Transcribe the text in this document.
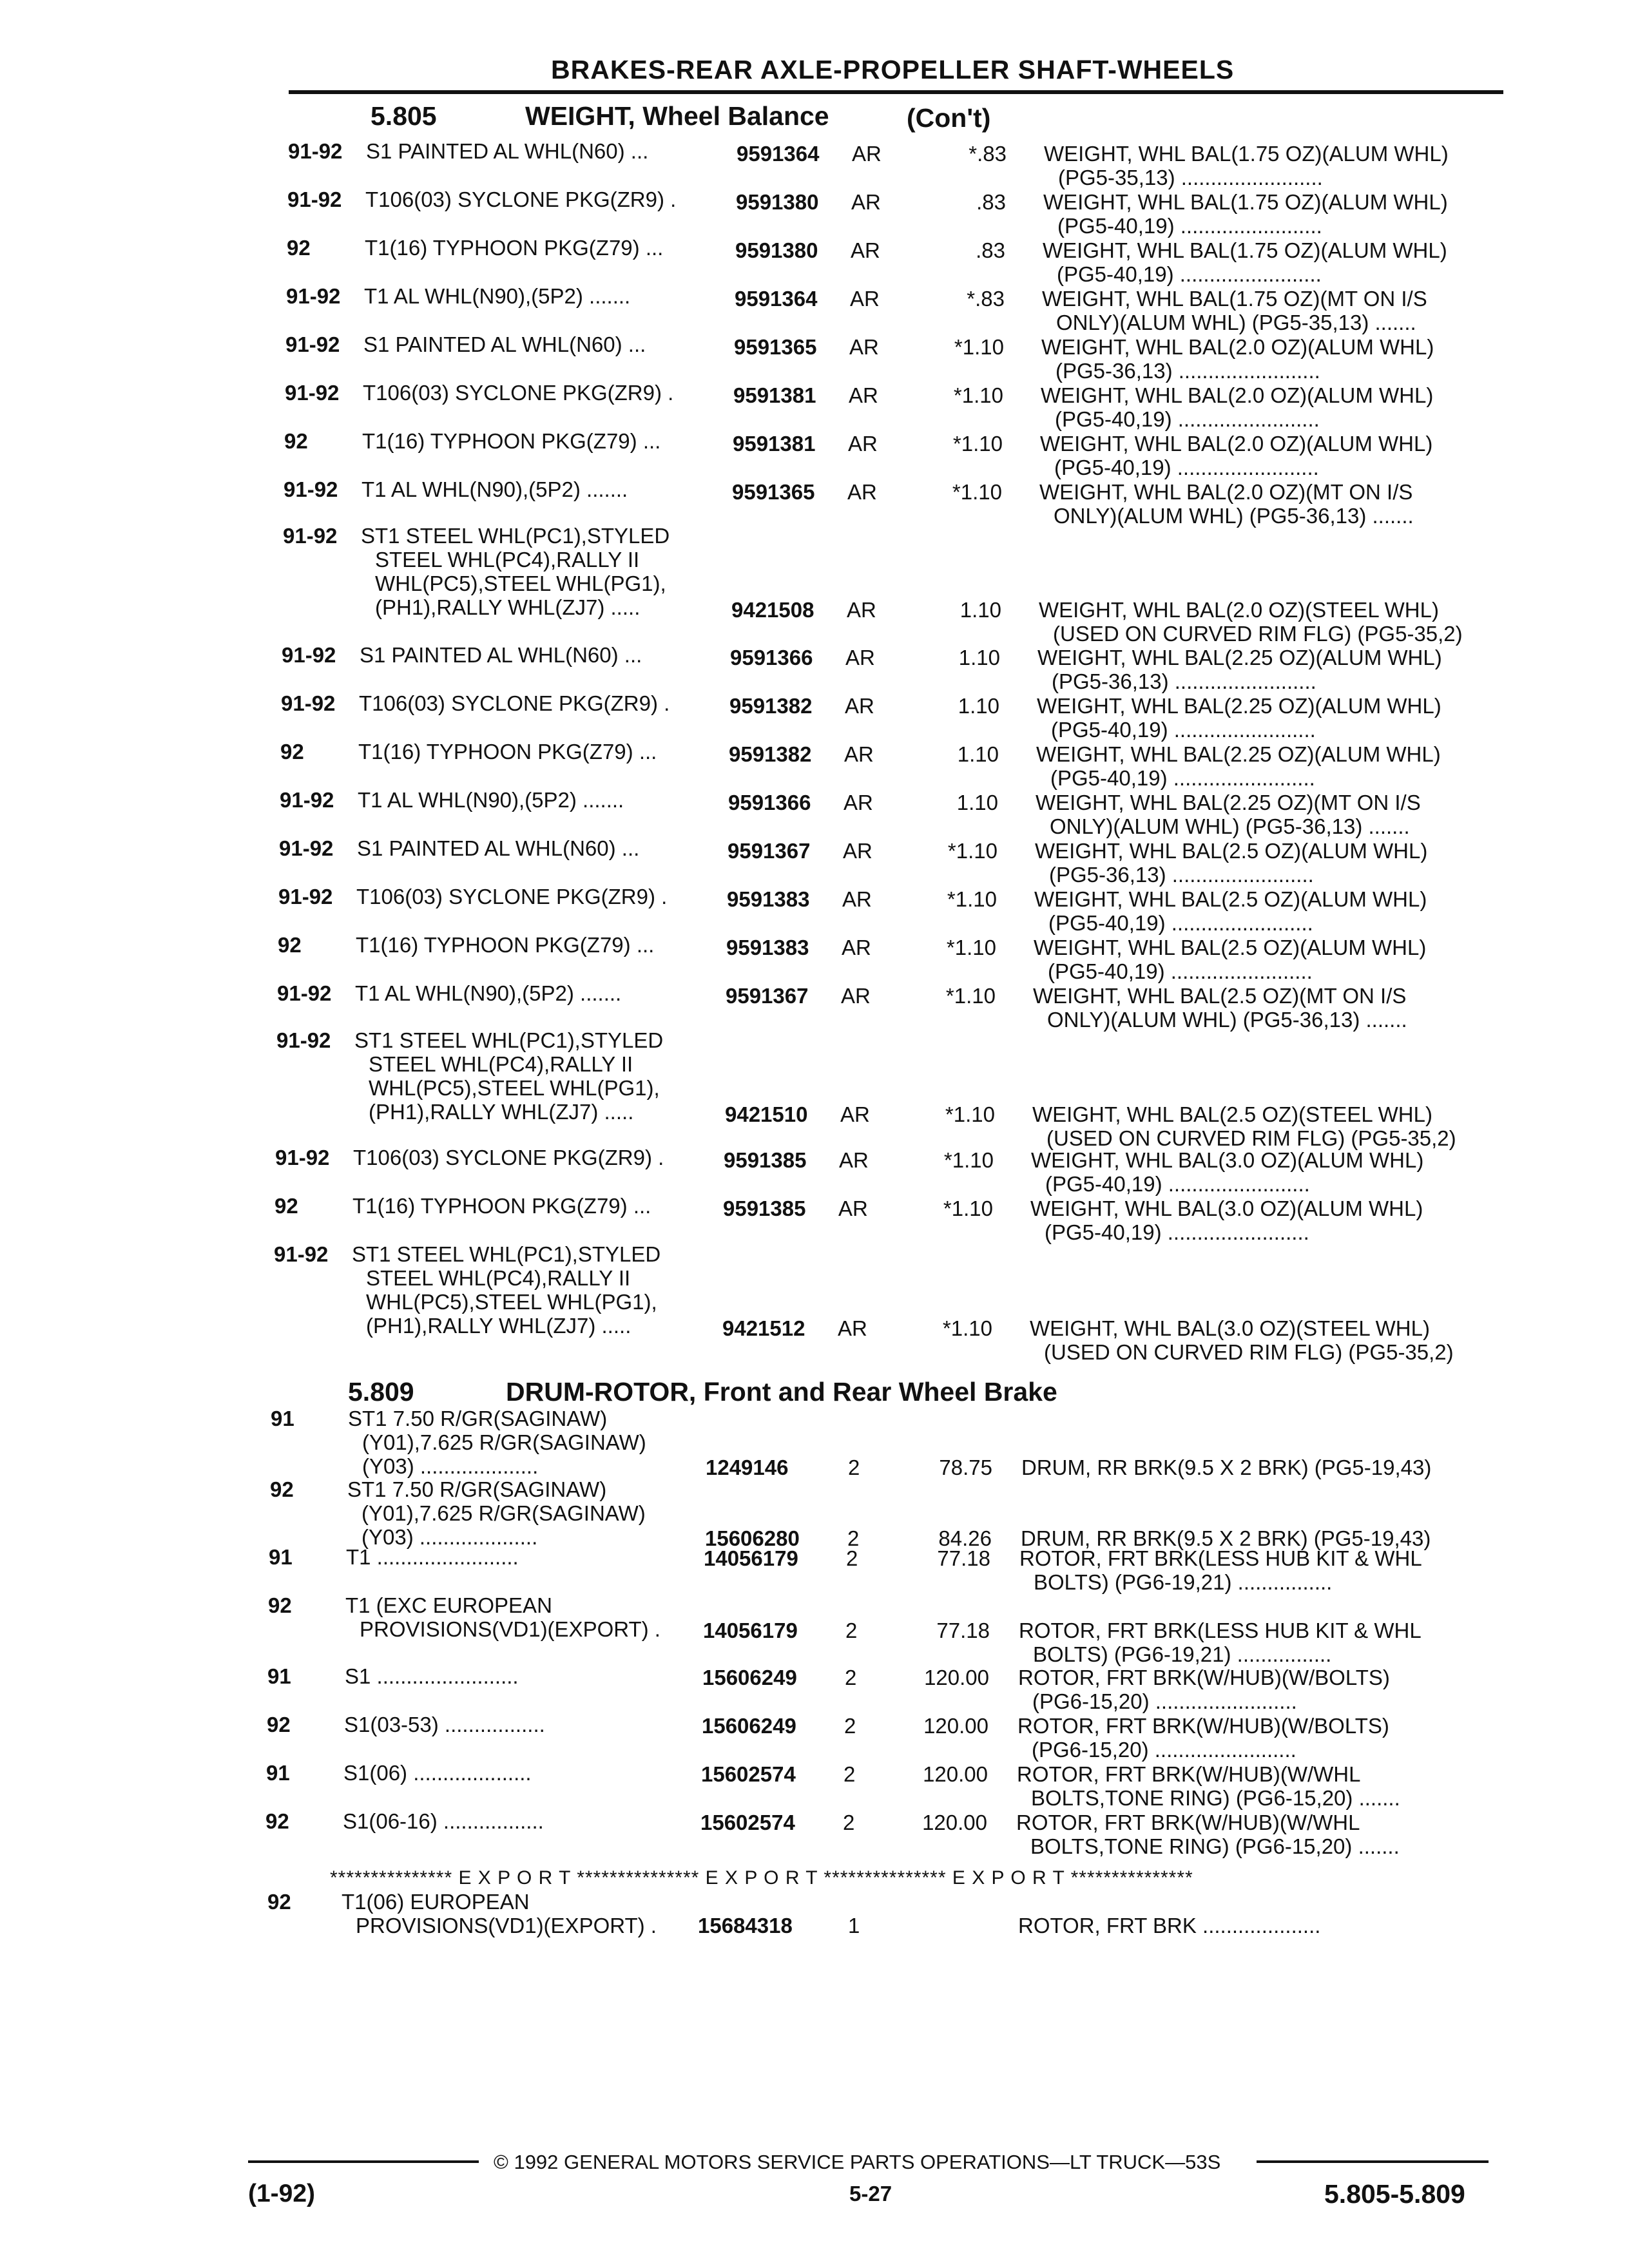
BRAKES-REAR AXLE-PROPELLER SHAFT-WHEELS
5.805	WEIGHT, Wheel Balance	(Con't)
91-92 S1 PAINTED AL WHL(N60) ...	9591364 AR	*.83 WEIGHT, WHL BAL(1.75 OZ)(ALUM WHL)
(PG5-35,13) ........................
91-92 T106(03) SYCLONE PKG(ZR9) .	9591380 AR	.83 WEIGHT, WHL BAL(1.75 OZ)(ALUM WHL)
(PG5-40,19) ........................
92	T1(16) TYPHOON PKG(Z79) ...	9591380 AR	.83 WEIGHT, WHL BAL(1.75 OZ)(ALUM WHL)
(PG5-40,19) ........................
91-92 T1 AL WHL(N90),(5P2) .......	9591364 AR	*.83 WEIGHT, WHL BAL(1.75 OZ)(MT ON I/S
ONLY)(ALUM WHL) (PG5-35,13) .......
91-92 S1 PAINTED AL WHL(N60) ...	9591365 AR	*1.10 WEIGHT, WHL BAL(2.0 OZ)(ALUM WHL)
(PG5-36,13) ........................
91-92 T106(03) SYCLONE PKG(ZR9) .	9591381 AR	*1.10 WEIGHT, WHL BAL(2.0 OZ)(ALUM WHL)
(PG5-40,19) ........................
92	T1(16) TYPHOON PKG(Z79) ...	9591381 AR	*1.10 WEIGHT, WHL BAL(2.0 OZ)(ALUM WHL)
(PG5-40,19) ........................
91-92 T1 AL WHL(N90),(5P2) .......	9591365 AR	*1.10 WEIGHT, WHL BAL(2.0 OZ)(MT ON I/S
ONLY)(ALUM WHL) (PG5-36,13) .......
91-92 ST1 STEEL WHL(PC1),STYLED
STEEL WHL(PC4),RALLY II
WHL(PC5),STEEL WHL(PG1),
(PH1),RALLY WHL(ZJ7) .....	9421508 AR	1.10 WEIGHT, WHL BAL(2.0 OZ)(STEEL WHL)
(USED ON CURVED RIM FLG) (PG5-35,2)
91-92 S1 PAINTED AL WHL(N60) ...	9591366 AR	1.10 WEIGHT, WHL BAL(2.25 OZ)(ALUM WHL)
(PG5-36,13) ........................
91-92 T106(03) SYCLONE PKG(ZR9) .	9591382 AR	1.10 WEIGHT, WHL BAL(2.25 OZ)(ALUM WHL)
(PG5-40,19) ........................
92	T1(16) TYPHOON PKG(Z79) ...	9591382 AR	1.10 WEIGHT, WHL BAL(2.25 OZ)(ALUM WHL)
(PG5-40,19) ........................
91-92 T1 AL WHL(N90),(5P2) .......	9591366 AR	1.10 WEIGHT, WHL BAL(2.25 OZ)(MT ON I/S
ONLY)(ALUM WHL) (PG5-36,13) .......
91-92 S1 PAINTED AL WHL(N60) ...	9591367 AR	*1.10 WEIGHT, WHL BAL(2.5 OZ)(ALUM WHL)
(PG5-36,13) ........................
91-92 T106(03) SYCLONE PKG(ZR9) .	9591383 AR	*1.10 WEIGHT, WHL BAL(2.5 OZ)(ALUM WHL)
(PG5-40,19) ........................
92	T1(16) TYPHOON PKG(Z79) ...	9591383 AR	*1.10 WEIGHT, WHL BAL(2.5 OZ)(ALUM WHL)
(PG5-40,19) ........................
91-92 T1 AL WHL(N90),(5P2) .......	9591367 AR	*1.10 WEIGHT, WHL BAL(2.5 OZ)(MT ON I/S
ONLY)(ALUM WHL) (PG5-36,13) .......
91-92 ST1 STEEL WHL(PC1),STYLED
STEEL WHL(PC4),RALLY II
WHL(PC5),STEEL WHL(PG1),
(PH1),RALLY WHL(ZJ7) .....	9421510 AR	*1.10 WEIGHT, WHL BAL(2.5 OZ)(STEEL WHL)
(USED ON CURVED RIM FLG) (PG5-35,2)
91-92 T106(03) SYCLONE PKG(ZR9) .	9591385 AR	*1.10 WEIGHT, WHL BAL(3.0 OZ)(ALUM WHL)
(PG5-40,19) ........................
92	T1(16) TYPHOON PKG(Z79) ...	9591385 AR	*1.10 WEIGHT, WHL BAL(3.0 OZ)(ALUM WHL)
(PG5-40,19) ........................
91-92 ST1 STEEL WHL(PC1),STYLED
STEEL WHL(PC4),RALLY II
WHL(PC5),STEEL WHL(PG1),
(PH1),RALLY WHL(ZJ7) .....	9421512 AR	*1.10 WEIGHT, WHL BAL(3.0 OZ)(STEEL WHL)
(USED ON CURVED RIM FLG) (PG5-35,2)
5.809	DRUM-ROTOR, Front and Rear Wheel Brake
91	ST1 7.50 R/GR(SAGINAW)
(Y01),7.625 R/GR(SAGINAW)
(Y03) ....................	1249146	2	78.75 DRUM, RR BRK(9.5 X 2 BRK) (PG5-19,43)
92	ST1 7.50 R/GR(SAGINAW)
(Y01),7.625 R/GR(SAGINAW)
(Y03) ....................	15606280 2	84.26 DRUM, RR BRK(9.5 X 2 BRK) (PG5-19,43)
91	T1 ........................	14056179 2	77.18 ROTOR, FRT BRK(LESS HUB KIT & WHL
BOLTS) (PG6-19,21) ................
92	T1 (EXC EUROPEAN
PROVISIONS(VD1)(EXPORT) . 14056179 2	77.18 ROTOR, FRT BRK(LESS HUB KIT & WHL
BOLTS) (PG6-19,21) ................
91	S1 ........................	15606249 2	120.00 ROTOR, FRT BRK(W/HUB)(W/BOLTS)
(PG6-15,20) ........................
92	S1(03-53) .................	15606249 2	120.00 ROTOR, FRT BRK(W/HUB)(W/BOLTS)
(PG6-15,20) ........................
91	S1(06) ....................	15602574 2	120.00 ROTOR, FRT BRK(W/HUB)(W/WHL
BOLTS,TONE RING) (PG6-15,20) .......
92	S1(06-16) .................	15602574 2	120.00 ROTOR, FRT BRK(W/HUB)(W/WHL
BOLTS,TONE RING) (PG6-15,20) .......
*************** E X P O R T *************** E X P O R T *************** E X P O R T ***************
92 T1(06) EUROPEAN
PROVISIONS(VD1)(EXPORT) . 15684318	1	ROTOR, FRT BRK ....................
© 1992 GENERAL MOTORS SERVICE PARTS OPERATIONS—LT TRUCK—53S
(1-92)	5-27	5.805-5.809
